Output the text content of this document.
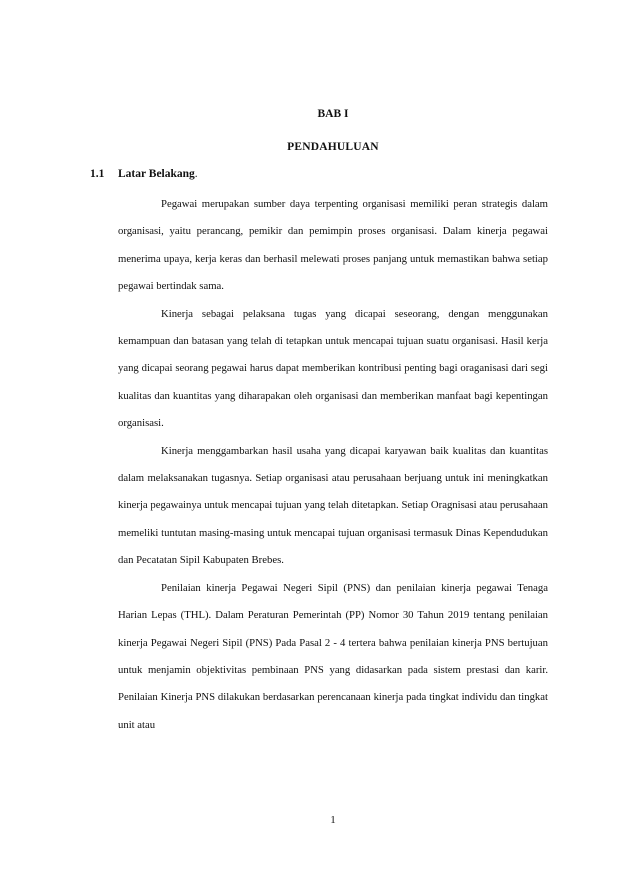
BAB I
PENDAHULUAN
1.1 Latar Belakang.

Pegawai merupakan sumber daya terpenting organisasi memiliki peran strategis dalam organisasi, yaitu perancang, pemikir dan pemimpin proses organisasi. Dalam kinerja pegawai menerima upaya, kerja keras dan berhasil melewati proses panjang untuk memastikan bahwa setiap pegawai bertindak sama.

Kinerja sebagai pelaksana tugas yang dicapai seseorang, dengan menggunakan kemampuan dan batasan yang telah di tetapkan untuk mencapai tujuan suatu organisasi. Hasil kerja yang dicapai seorang pegawai harus dapat memberikan kontribusi penting bagi oraganisasi dari segi kualitas dan kuantitas yang diharapakan oleh organisasi dan memberikan manfaat bagi kepentingan organisasi.

Kinerja menggambarkan hasil usaha yang dicapai karyawan baik kualitas dan kuantitas dalam melaksanakan tugasnya. Setiap organisasi atau perusahaan berjuang untuk ini meningkatkan kinerja pegawainya untuk mencapai tujuan yang telah ditetapkan. Setiap Oragnisasi atau perusahaan memeliki tuntutan masing-masing untuk mencapai tujuan organisasi termasuk Dinas Kependudukan dan Pecatatan Sipil Kabupaten Brebes.

Penilaian kinerja Pegawai Negeri Sipil (PNS) dan penilaian kinerja pegawai Tenaga Harian Lepas (THL). Dalam Peraturan Pemerintah (PP) Nomor 30 Tahun 2019 tentang penilaian kinerja Pegawai Negeri Sipil (PNS) Pada Pasal 2 - 4 tertera bahwa penilaian kinerja PNS bertujuan untuk menjamin objektivitas pembinaan PNS yang didasarkan pada sistem prestasi dan karir. Penilaian Kinerja PNS dilakukan berdasarkan perencanaan kinerja pada tingkat individu dan tingkat unit atau

1
